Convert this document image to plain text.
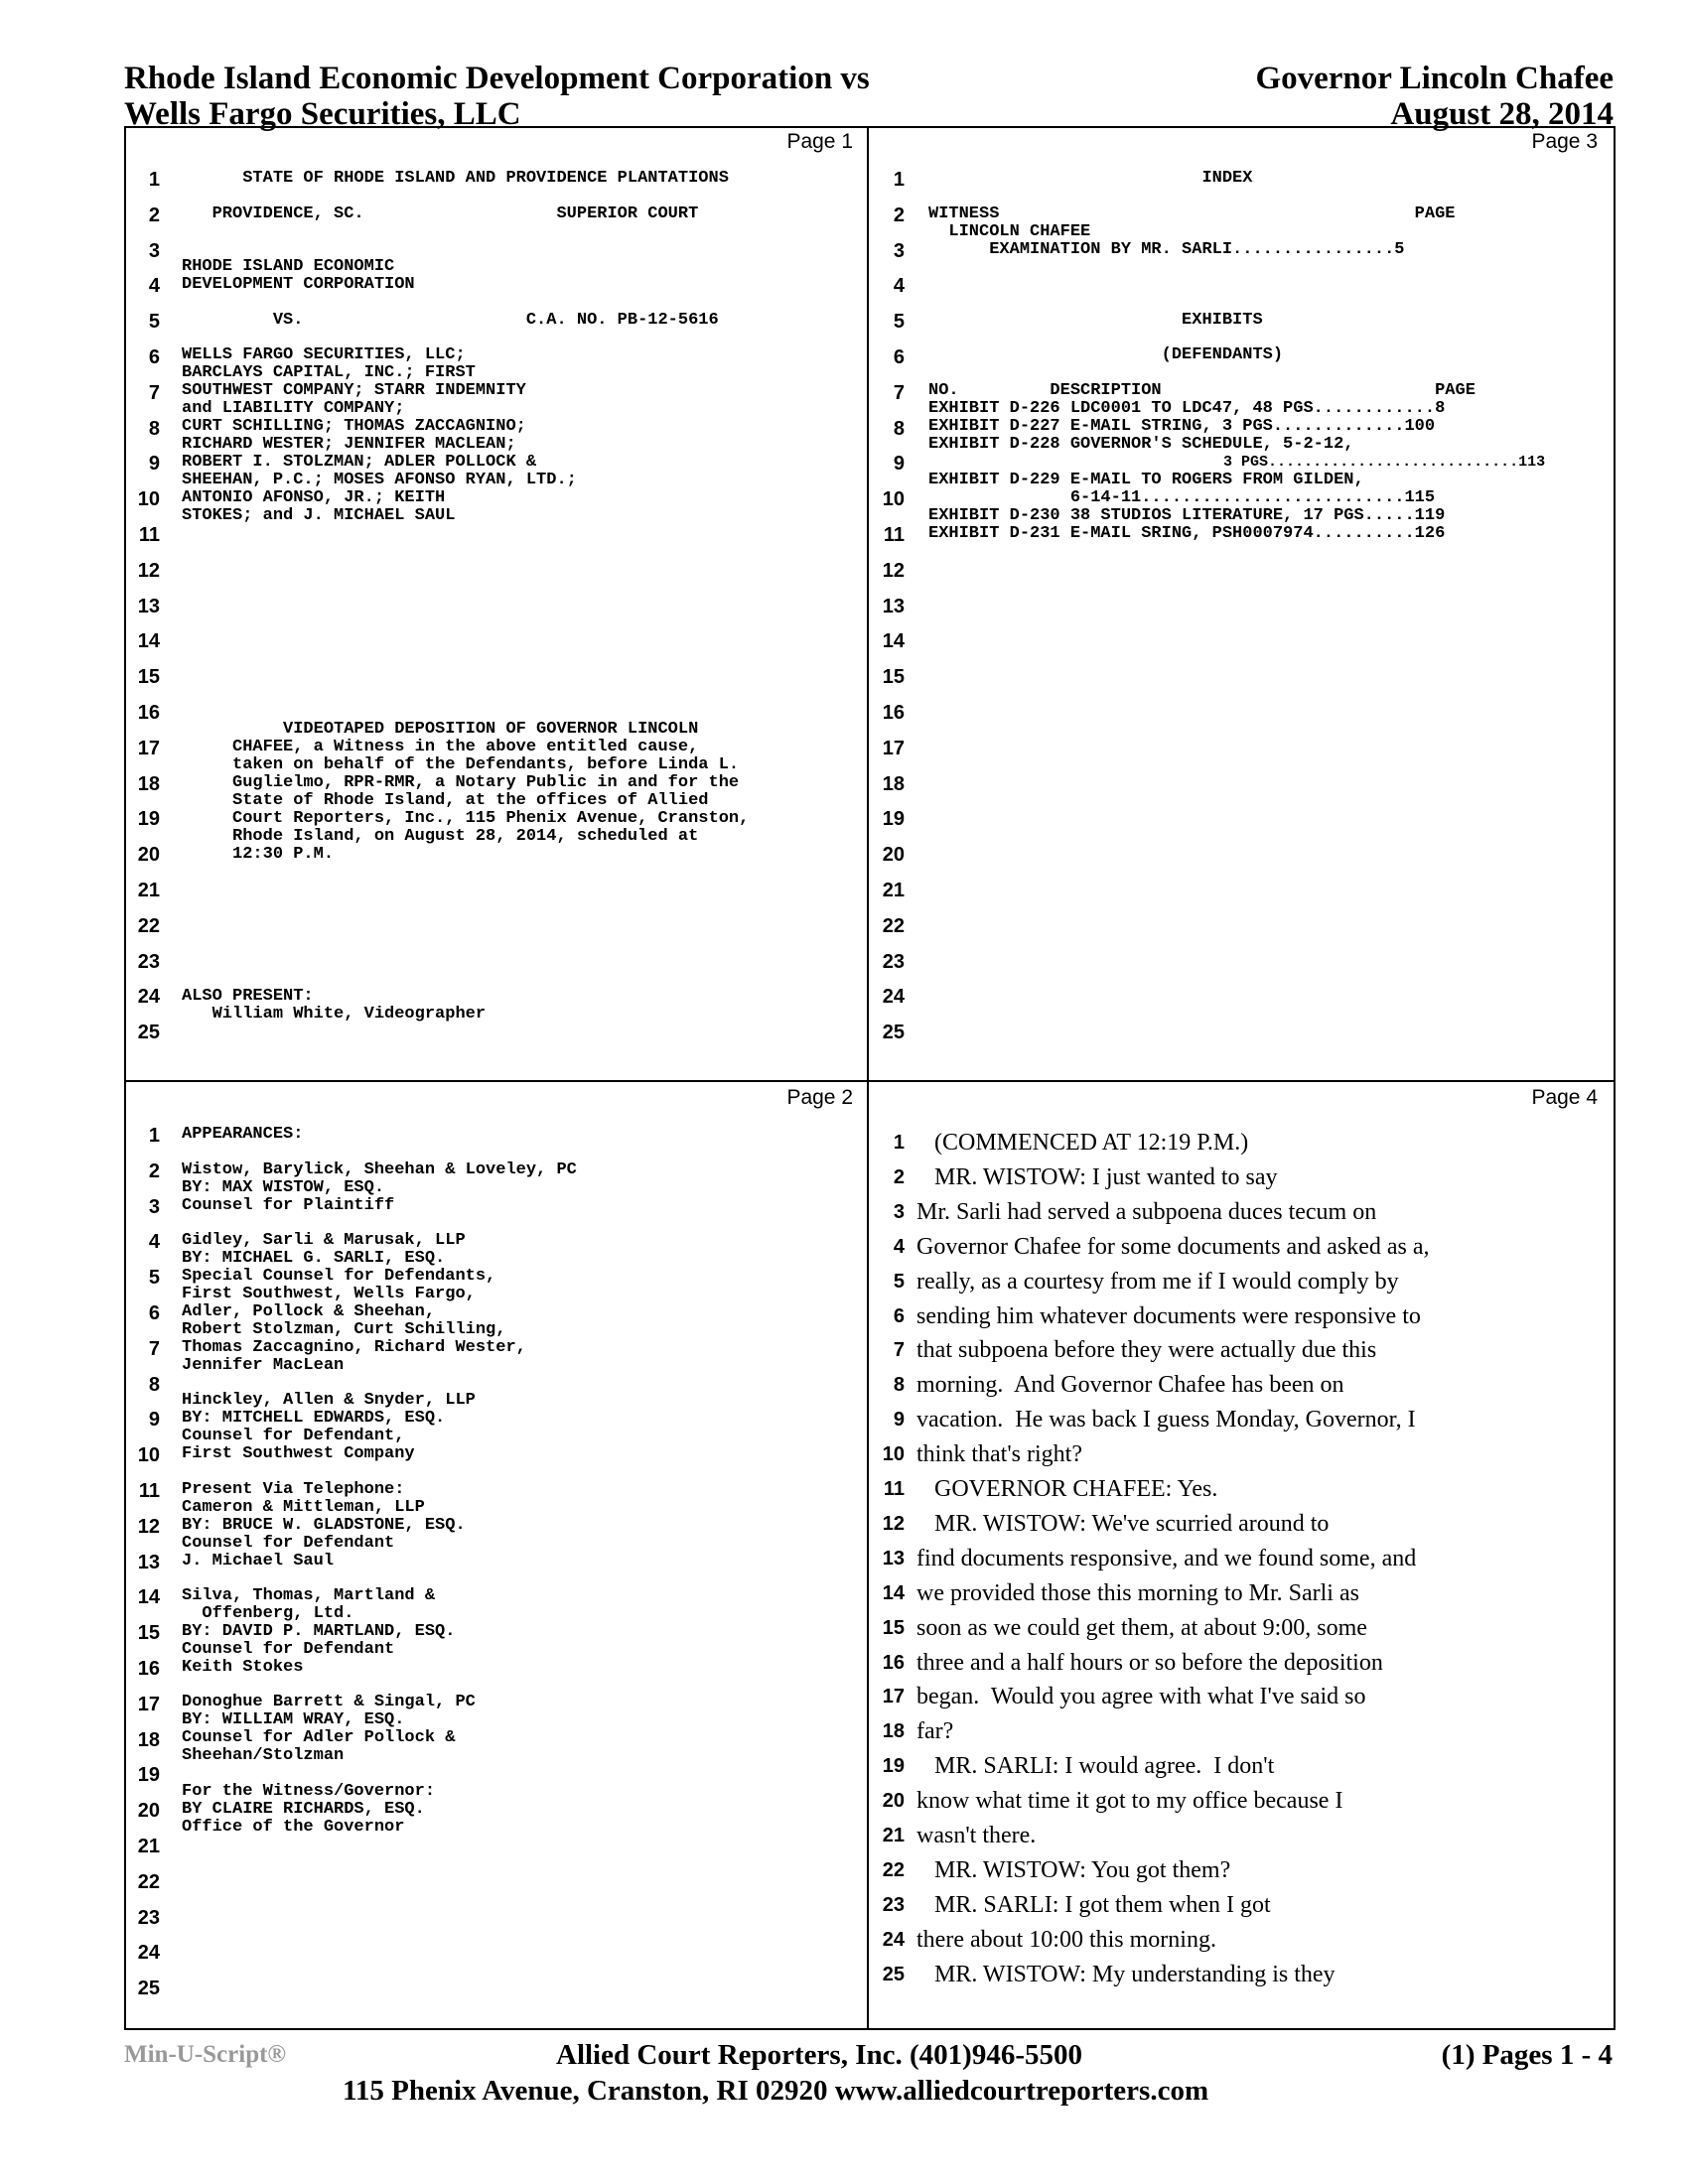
Rhode Island Economic Development Corporation vs	Governor Lincoln Chafee
Wells Fargo Securities, LLC	August 28, 2014
Page 1
1
2
3
4
5
6
7
8
9
10
11
12
13
14
15
16
17
18
19
20
21
22
23
24
25
STATE OF RHODE ISLAND AND PROVIDENCE PLANTATIONS
PROVIDENCE, SC.                   SUPERIOR COURT
RHODE ISLAND ECONOMIC
DEVELOPMENT CORPORATION
VS.                      C.A. NO. PB-12-5616
WELLS FARGO SECURITIES, LLC;
BARCLAYS CAPITAL, INC.; FIRST
SOUTHWEST COMPANY; STARR INDEMNITY
and LIABILITY COMPANY;
CURT SCHILLING; THOMAS ZACCAGNINO;
RICHARD WESTER; JENNIFER MACLEAN;
ROBERT I. STOLZMAN; ADLER POLLOCK &
SHEEHAN, P.C.; MOSES AFONSO RYAN, LTD.;
ANTONIO AFONSO, JR.; KEITH
STOKES; and J. MICHAEL SAUL
VIDEOTAPED DEPOSITION OF GOVERNOR LINCOLN
CHAFEE, a Witness in the above entitled cause,
taken on behalf of the Defendants, before Linda L.
Guglielmo, RPR-RMR, a Notary Public in and for the
State of Rhode Island, at the offices of Allied
Court Reporters, Inc., 115 Phenix Avenue, Cranston,
Rhode Island, on August 28, 2014, scheduled at
12:30 P.M.
ALSO PRESENT:
William White, Videographer
Page 3
1
2
3
4
5
6
7
8
9
10
11
12
13
14
15
16
17
18
19
20
21
22
23
24
25
INDEX
WITNESS                                         PAGE
LINCOLN CHAFEE
EXAMINATION BY MR. SARLI................5
EXHIBITS
(DEFENDANTS)
NO.         DESCRIPTION                           PAGE
EXHIBIT D-226 LDC0001 TO LDC47, 48 PGS............8
EXHIBIT D-227 E-MAIL STRING, 3 PGS.............100
EXHIBIT D-228 GOVERNOR'S SCHEDULE, 5-2-12,
3 PGS............................113
EXHIBIT D-229 E-MAIL TO ROGERS FROM GILDEN,
6-14-11..........................115
EXHIBIT D-230 38 STUDIOS LITERATURE, 17 PGS.....119
EXHIBIT D-231 E-MAIL SRING, PSH0007974..........126
Page 2
1
2
3
4
5
6
7
8
9
10
11
12
13
14
15
16
17
18
19
20
21
22
23
24
25
APPEARANCES:
Wistow, Barylick, Sheehan & Loveley, PC
BY: MAX WISTOW, ESQ.
Counsel for Plaintiff
Gidley, Sarli & Marusak, LLP
BY: MICHAEL G. SARLI, ESQ.
Special Counsel for Defendants,
First Southwest, Wells Fargo,
Adler, Pollock & Sheehan,
Robert Stolzman, Curt Schilling,
Thomas Zaccagnino, Richard Wester,
Jennifer MacLean
Hinckley, Allen & Snyder, LLP
BY: MITCHELL EDWARDS, ESQ.
Counsel for Defendant,
First Southwest Company
Present Via Telephone:
Cameron & Mittleman, LLP
BY: BRUCE W. GLADSTONE, ESQ.
Counsel for Defendant
J. Michael Saul
Silva, Thomas, Martland &
Offenberg, Ltd.
BY: DAVID P. MARTLAND, ESQ.
Counsel for Defendant
Keith Stokes
Donoghue Barrett & Singal, PC
BY: WILLIAM WRAY, ESQ.
Counsel for Adler Pollock &
Sheehan/Stolzman
For the Witness/Governor:
BY CLAIRE RICHARDS, ESQ.
Office of the Governor
Page 4
1
2
3
4
5
6
7
8
9
10
11
12
13
14
15
16
17
18
19
20
21
22
23
24
25
(COMMENCED AT 12:19 P.M.)
MR. WISTOW: I just wanted to say
Mr. Sarli had served a subpoena duces tecum on
Governor Chafee for some documents and asked as a,
really, as a courtesy from me if I would comply by
sending him whatever documents were responsive to
that subpoena before they were actually due this
morning.  And Governor Chafee has been on
vacation.  He was back I guess Monday, Governor, I
think that's right?
GOVERNOR CHAFEE: Yes.
MR. WISTOW: We've scurried around to
find documents responsive, and we found some, and
we provided those this morning to Mr. Sarli as
soon as we could get them, at about 9:00, some
three and a half hours or so before the deposition
began.  Would you agree with what I've said so
far?
MR. SARLI: I would agree.  I don't
know what time it got to my office because I
wasn't there.
MR. WISTOW: You got them?
MR. SARLI: I got them when I got
there about 10:00 this morning.
MR. WISTOW: My understanding is they
Min-U-Script®	Allied Court Reporters, Inc. (401)946-5500	(1) Pages 1 - 4
115 Phenix Avenue, Cranston, RI 02920 www.alliedcourtreporters.com
